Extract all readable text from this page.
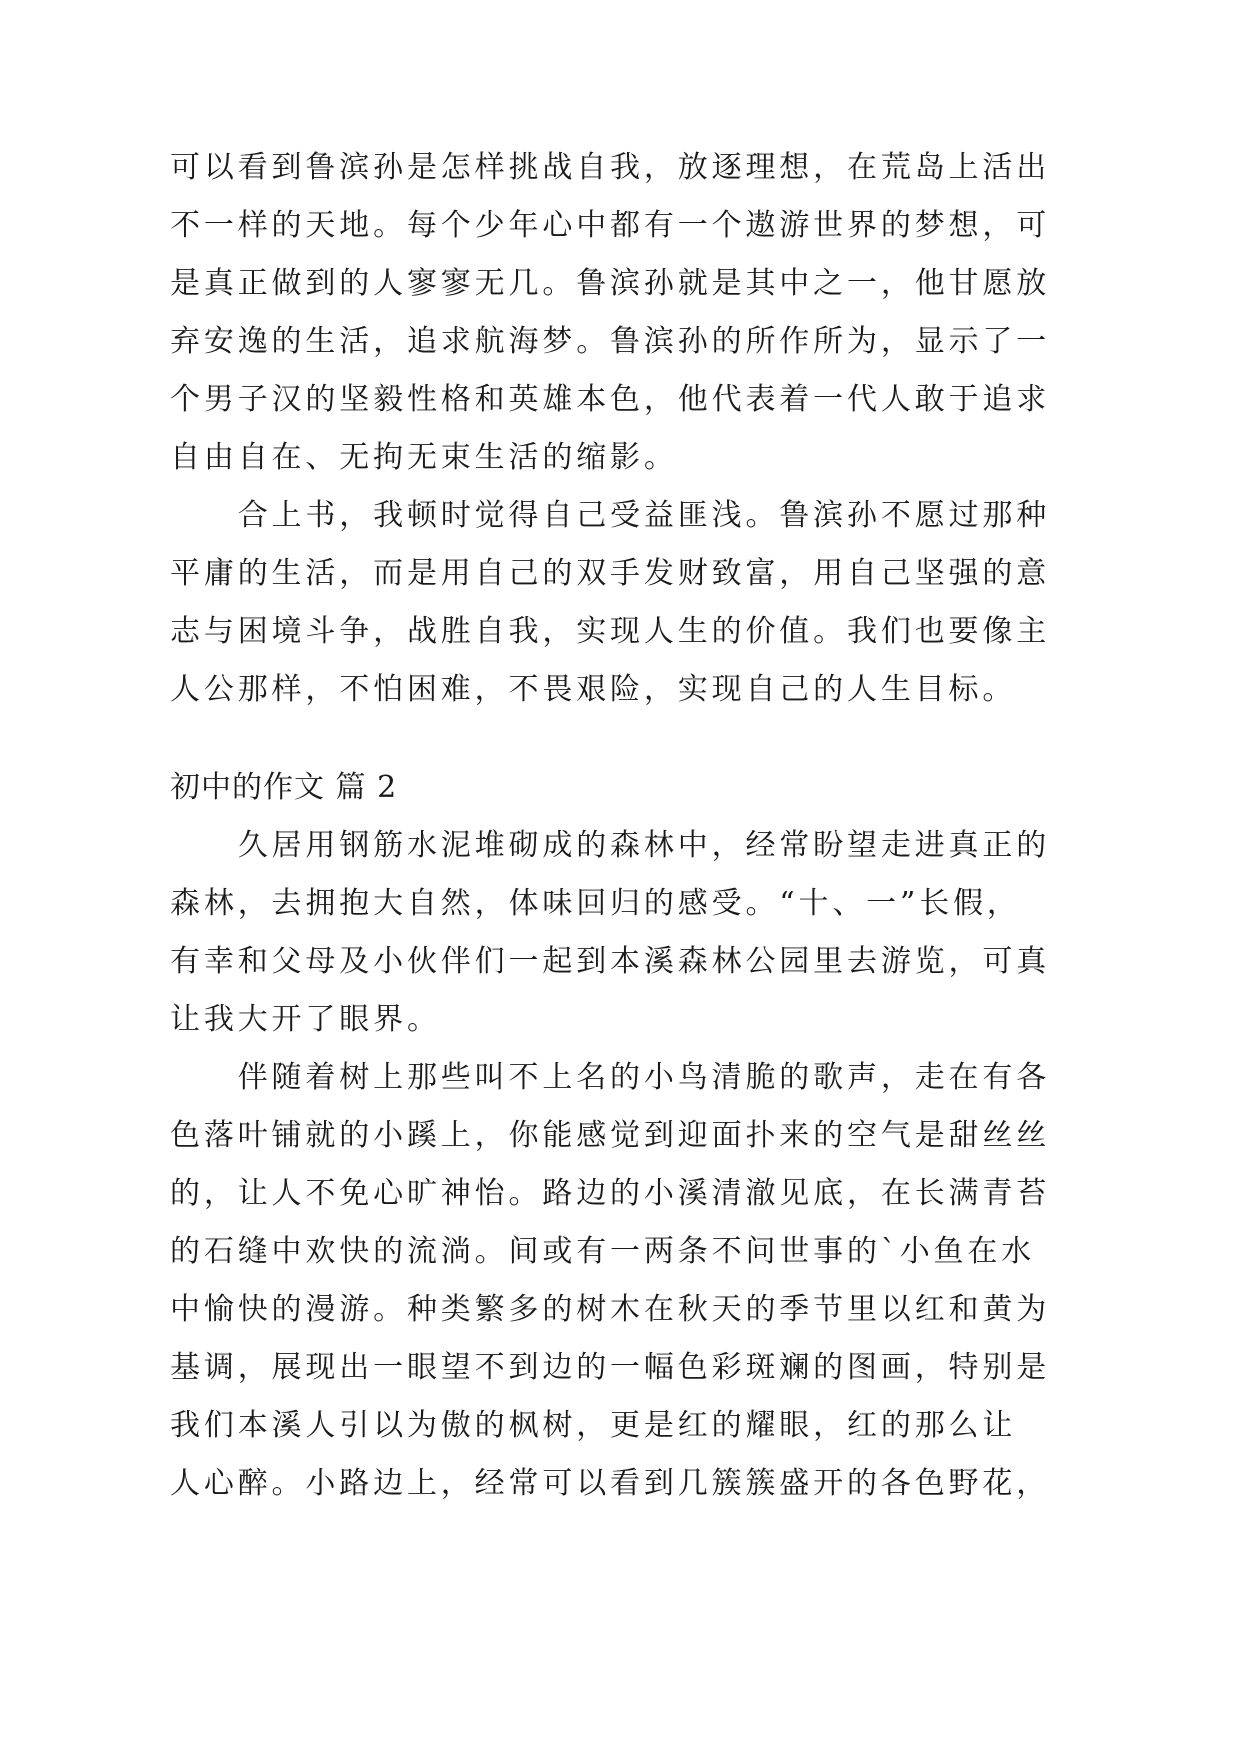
可以看到鲁滨孙是怎样挑战自我，放逐理想，在荒岛上活出
不一样的天地。每个少年心中都有一个遨游世界的梦想，可
是真正做到的人寥寥无几。鲁滨孙就是其中之一，他甘愿放
弃安逸的生活，追求航海梦。鲁滨孙的所作所为，显示了一
个男子汉的坚毅性格和英雄本色，他代表着一代人敢于追求
自由自在、无拘无束生活的缩影。
　　合上书，我顿时觉得自己受益匪浅。鲁滨孙不愿过那种
平庸的生活，而是用自己的双手发财致富，用自己坚强的意
志与困境斗争，战胜自我，实现人生的价值。我们也要像主
人公那样，不怕困难，不畏艰险，实现自己的人生目标。
初中的作文 篇 2
　　久居用钢筋水泥堆砌成的森林中，经常盼望走进真正的
森林，去拥抱大自然，体味回归的感受。“十、一”长假，
有幸和父母及小伙伴们一起到本溪森林公园里去游览，可真
让我大开了眼界。
　　伴随着树上那些叫不上名的小鸟清脆的歌声，走在有各
色落叶铺就的小蹊上，你能感觉到迎面扑来的空气是甜丝丝
的，让人不免心旷神怡。路边的小溪清澈见底，在长满青苔
的石缝中欢快的流淌。间或有一两条不问世事的`小鱼在水
中愉快的漫游。种类繁多的树木在秋天的季节里以红和黄为
基调，展现出一眼望不到边的一幅色彩斑斓的图画，特别是
我们本溪人引以为傲的枫树，更是红的耀眼，红的那么让
人心醉。小路边上，经常可以看到几簇簇盛开的各色野花，
